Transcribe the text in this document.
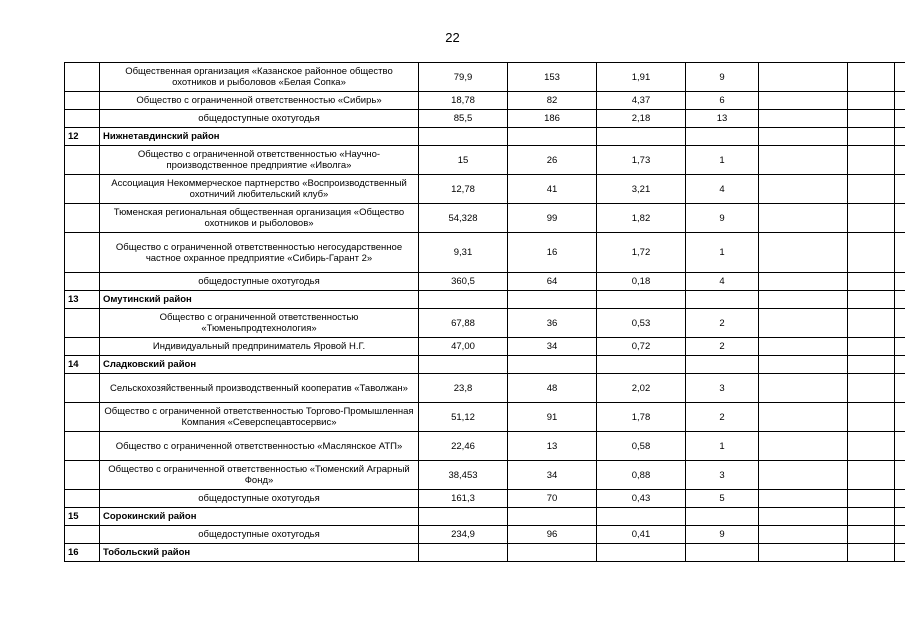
22
	Общественная организация «Казанское районное общество охотников и рыболовов «Белая Сопка»	79,9	153	1,91	9			
	Общество с ограниченной ответственностью «Сибирь»	18,78	82	4,37	6			
	общедоступные охотугодья	85,5	186	2,18	13			
12	Нижнетавдинский район							
	Общество с ограниченной ответственностью «Научно-производственное предприятие «Иволга»	15	26	1,73	1			
	Ассоциация Некоммерческое партнерство «Воспроизводственный охотничий любительский клуб»	12,78	41	3,21	4			
	Тюменская региональная общественная организация «Общество охотников и рыболовов»	54,328	99	1,82	9			
	Общество с ограниченной ответственностью негосударственное частное охранное предприятие «Сибирь-Гарант 2»	9,31	16	1,72	1			
	общедоступные охотугодья	360,5	64	0,18	4			
13	Омутинский район							
	Общество с ограниченной ответственностью «Тюменьпродтехнология»	67,88	36	0,53	2			
	Индивидуальный предприниматель Яровой Н.Г.	47,00	34	0,72	2			
14	Сладковский район							
	Сельскохозяйственный производственный кооператив «Таволжан»	23,8	48	2,02	3			
	Общество с ограниченной ответственностью Торгово-Промышленная Компания «Северспецавтосервис»	51,12	91	1,78	2			
	Общество с ограниченной ответственностью «Маслянское АТП»	22,46	13	0,58	1			
	Общество с ограниченной ответственностью «Тюменский Аграрный Фонд»	38,453	34	0,88	3			
	общедоступные охотугодья	161,3	70	0,43	5			
15	Сорокинский район							
	общедоступные охотугодья	234,9	96	0,41	9			
16	Тобольский район							
